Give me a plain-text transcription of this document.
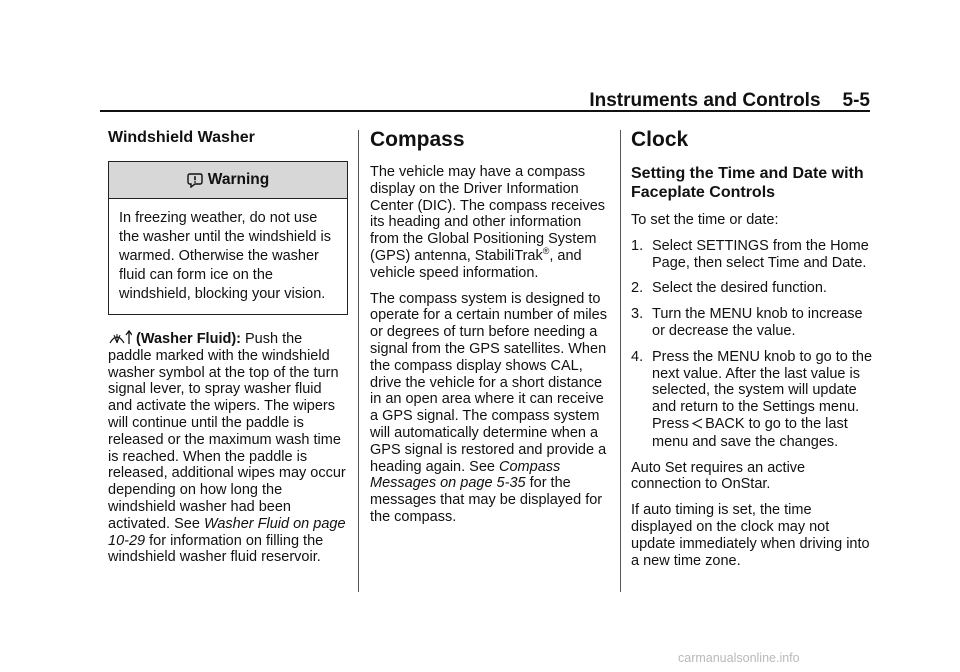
Instruments and Controls 5-5
Windshield Washer
Warning
In freezing weather, do not use the washer until the windshield is warmed. Otherwise the washer fluid can form ice on the windshield, blocking your vision.

(Washer Fluid): Push the paddle marked with the windshield washer symbol at the top of the turn signal lever, to spray washer fluid and activate the wipers. The wipers will continue until the paddle is released or the maximum wash time is reached. When the paddle is released, additional wipes may occur depending on how long the windshield washer had been activated. See Washer Fluid on page 10-29 for information on filling the windshield washer fluid reservoir.

Compass

The vehicle may have a compass display on the Driver Information Center (DIC). The compass receives its heading and other information from the Global Positioning System (GPS) antenna, StabiliTrak®, and vehicle speed information.

The compass system is designed to operate for a certain number of miles or degrees of turn before needing a signal from the GPS satellites. When the compass display shows CAL, drive the vehicle for a short distance in an open area where it can receive a GPS signal. The compass system will automatically determine when a GPS signal is restored and provide a heading again. See Compass Messages on page 5-35 for the messages that may be displayed for the compass.

Clock
Setting the Time and Date with Faceplate Controls

To set the time or date:

1. Select SETTINGS from the Home Page, then select Time and Date.
2. Select the desired function.
3. Turn the MENU knob to increase or decrease the value.
4. Press the MENU knob to go to the next value. After the last value is selected, the system will update and return to the Settings menu. Press BACK to go to the last menu and save the changes.

Auto Set requires an active connection to OnStar.

If auto timing is set, the time displayed on the clock may not update immediately when driving into a new time zone.

carmanualsonline.info
